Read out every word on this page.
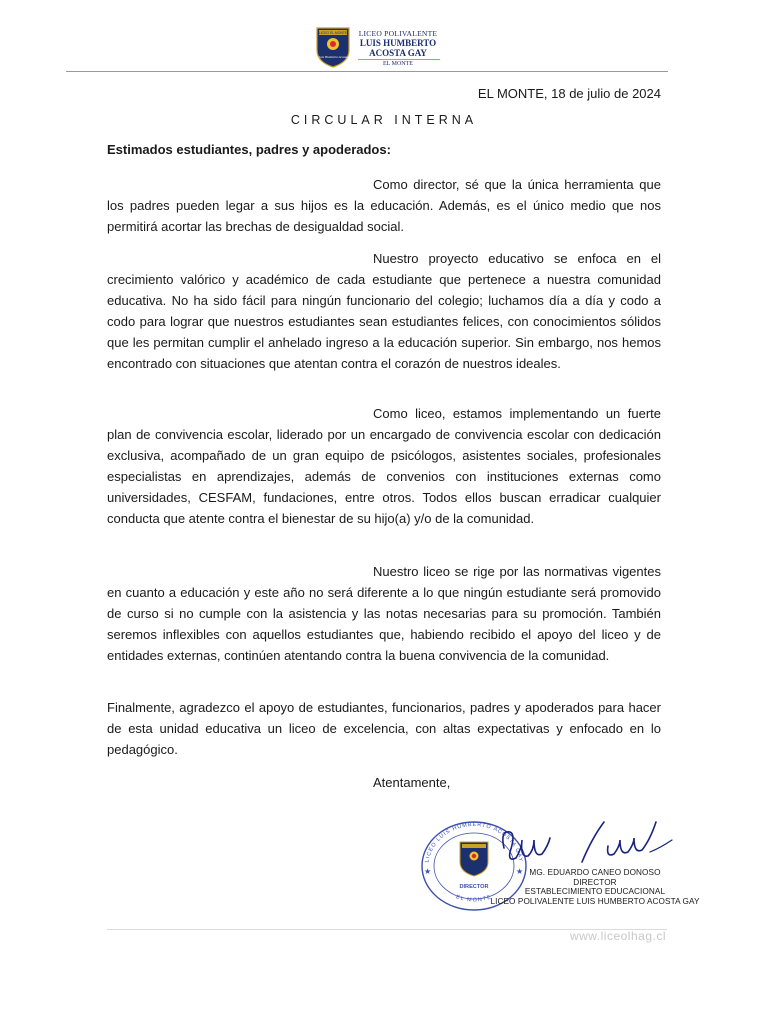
LICEO EL MONTE
Luis Humberto Acosta
LICEO POLIVALENTE
LUIS HUMBERTO
ACOSTA GAY
EL MONTE
EL MONTE, 18 de julio de 2024
CIRCULAR INTERNA
Estimados estudiantes, padres y apoderados:

Como director, sé que la única herramienta que los padres pueden legar a sus hijos es la educación. Además, es el único medio que nos permitirá acortar las brechas de desigualdad social.

Nuestro proyecto educativo se enfoca en el crecimiento valórico y académico de cada estudiante que pertenece a nuestra comunidad educativa. No ha sido fácil para ningún funcionario del colegio; luchamos día a día y codo a codo para lograr que nuestros estudiantes sean estudiantes felices, con conocimientos sólidos que les permitan cumplir el anhelado ingreso a la educación superior. Sin embargo, nos hemos encontrado con situaciones que atentan contra el corazón de nuestros ideales.

Como liceo, estamos implementando un fuerte plan de convivencia escolar, liderado por un encargado de convivencia escolar con dedicación exclusiva, acompañado de un gran equipo de psicólogos, asistentes sociales, profesionales especialistas en aprendizajes, además de convenios con instituciones externas como universidades, CESFAM, fundaciones, entre otros. Todos ellos buscan erradicar cualquier conducta que atente contra el bienestar de su hijo(a) y/o de la comunidad.

Nuestro liceo se rige por las normativas vigentes en cuanto a educación y este año no será diferente a lo que ningún estudiante será promovido de curso si no cumple con la asistencia y las notas necesarias para su promoción. También seremos inflexibles con aquellos estudiantes que, habiendo recibido el apoyo del liceo y de entidades externas, continúen atentando contra la buena convivencia de la comunidad.

Finalmente, agradezco el apoyo de estudiantes, funcionarios, padres y apoderados para hacer de esta unidad educativa un liceo de excelencia, con altas expectativas y enfocado en lo pedagógico.

Atentamente,
LICEO LUIS HUMBERTO ACOSTA GAY
EL MONTE
★	★
DIRECTOR
MG. EDUARDO CANEO DONOSO
DIRECTOR
ESTABLECIMIENTO EDUCACIONAL
LICEO POLIVALENTE LUIS HUMBERTO ACOSTA GAY
www.liceolhag.cl
